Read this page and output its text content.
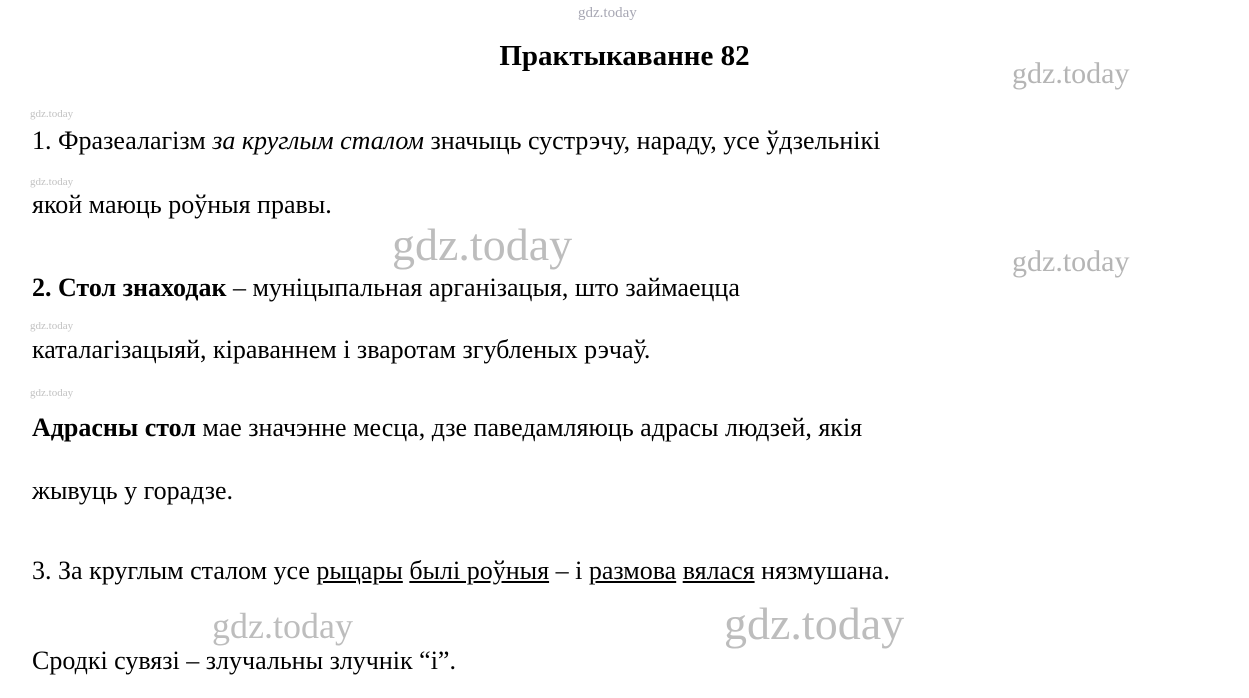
gdz.today
gdz.today
gdz.today
gdz.today
gdz.today
gdz.today
gdz.today
gdz.today
gdz.today	gdz.today
Практыкаванне 82
1. Фразеалагізм за круглым сталом значыць сустрэчу, нараду, усе ўдзельнікі
якой маюць роўныя правы.
2. Стол знаходак – муніцыпальная арганізацыя, што займаецца
каталагізацыяй, кіраваннем і зваротам згубленых рэчаў.
Адрасны стол мае значэнне месца, дзе паведамляюць адрасы людзей, якія
жывуць у горадзе.
3. За круглым сталом усе рыцары былі роўныя – і размова вялася нязмушана.
Сродкі сувязі – злучальны злучнік “і”.
